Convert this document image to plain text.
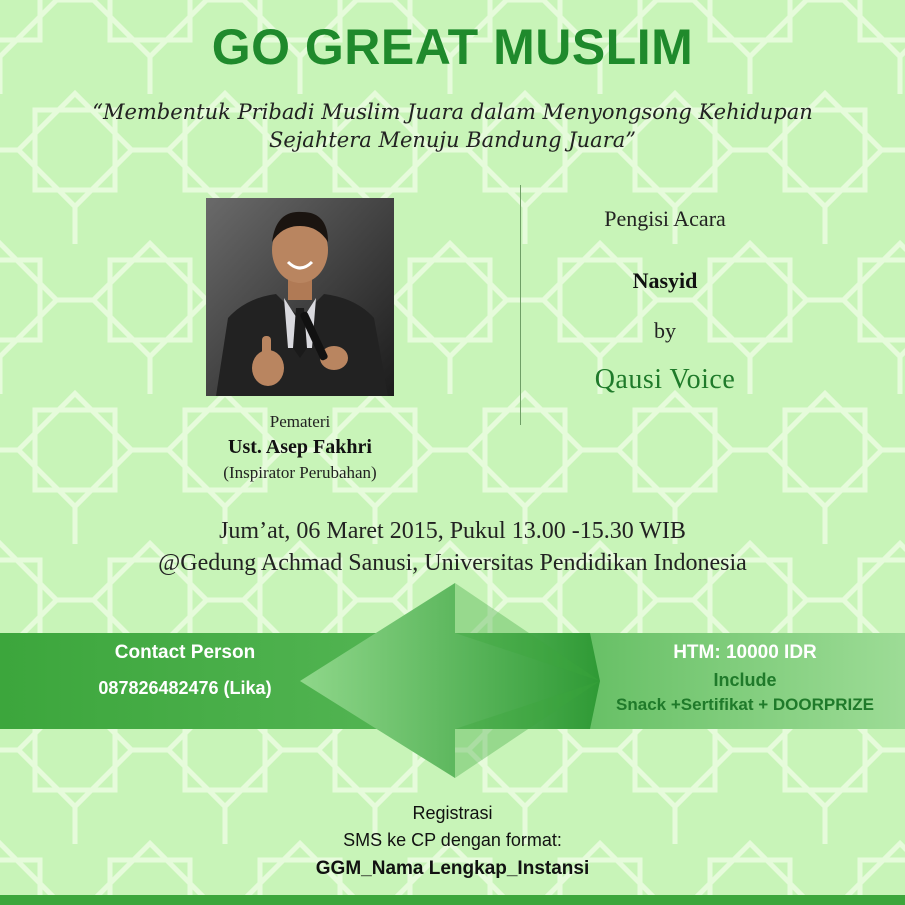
GO GREAT MUSLIM
“Membentuk Pribadi Muslim Juara dalam Menyongsong Kehidupan
Sejahtera Menuju Bandung Juara”
Pemateri
Ust. Asep Fakhri
(Inspirator Perubahan)
Pengisi Acara
Nasyid
by
Qausi Voice
Jum’at, 06 Maret 2015, Pukul 13.00 -15.30 WIB
@Gedung Achmad Sanusi, Universitas Pendidikan Indonesia
Contact Person
087826482476 (Lika)
HTM: 10000 IDR
Include
Snack +Sertifikat + DOORPRIZE
Registrasi
SMS ke CP dengan format:
GGM_Nama Lengkap_Instansi
